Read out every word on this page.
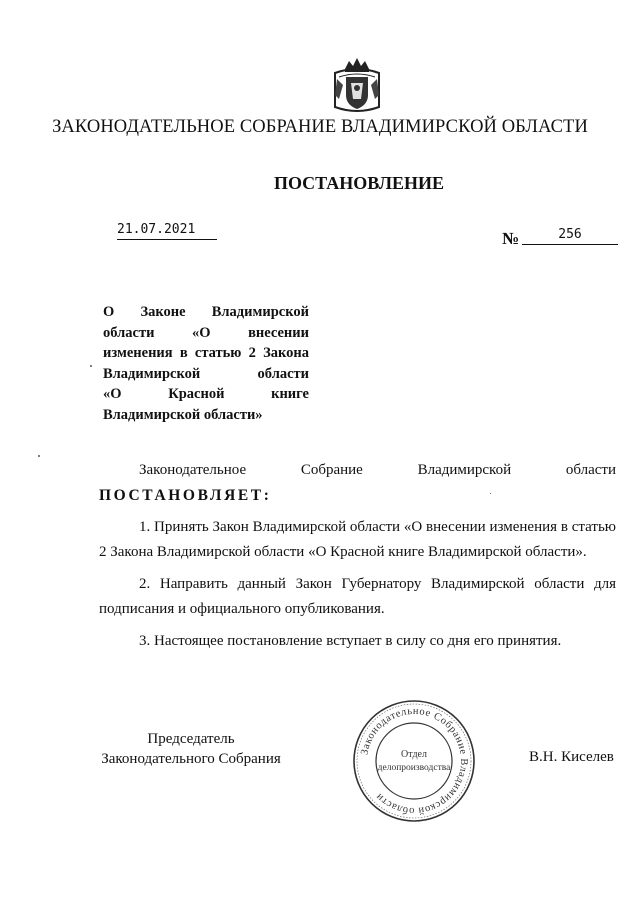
ЗАКОНОДАТЕЛЬНОЕ СОБРАНИЕ ВЛАДИМИРСКОЙ ОБЛАСТИ
ПОСТАНОВЛЕНИЕ
21.07.2021	№	256
О Законе Владимирской
области «О внесении
изменения в статью 2 Закона
Владимирской области
«О Красной книге
Владимирской области»
Законодательное Собрание Владимирской области
ПОСТАНОВЛЯЕТ:

1. Принять Закон Владимирской области «О внесении изменения в статью 2 Закона Владимирской области «О Красной книге Владимирской области».

2. Направить данный Закон Губернатору Владимирской области для подписания и официального опубликования.

3. Настоящее постановление вступает в силу со дня его принятия.

Председатель
Законодательного Собрания	В.Н. Киселев
Законодательное Собрание Владимирской области
Отдел
делопроизводства
